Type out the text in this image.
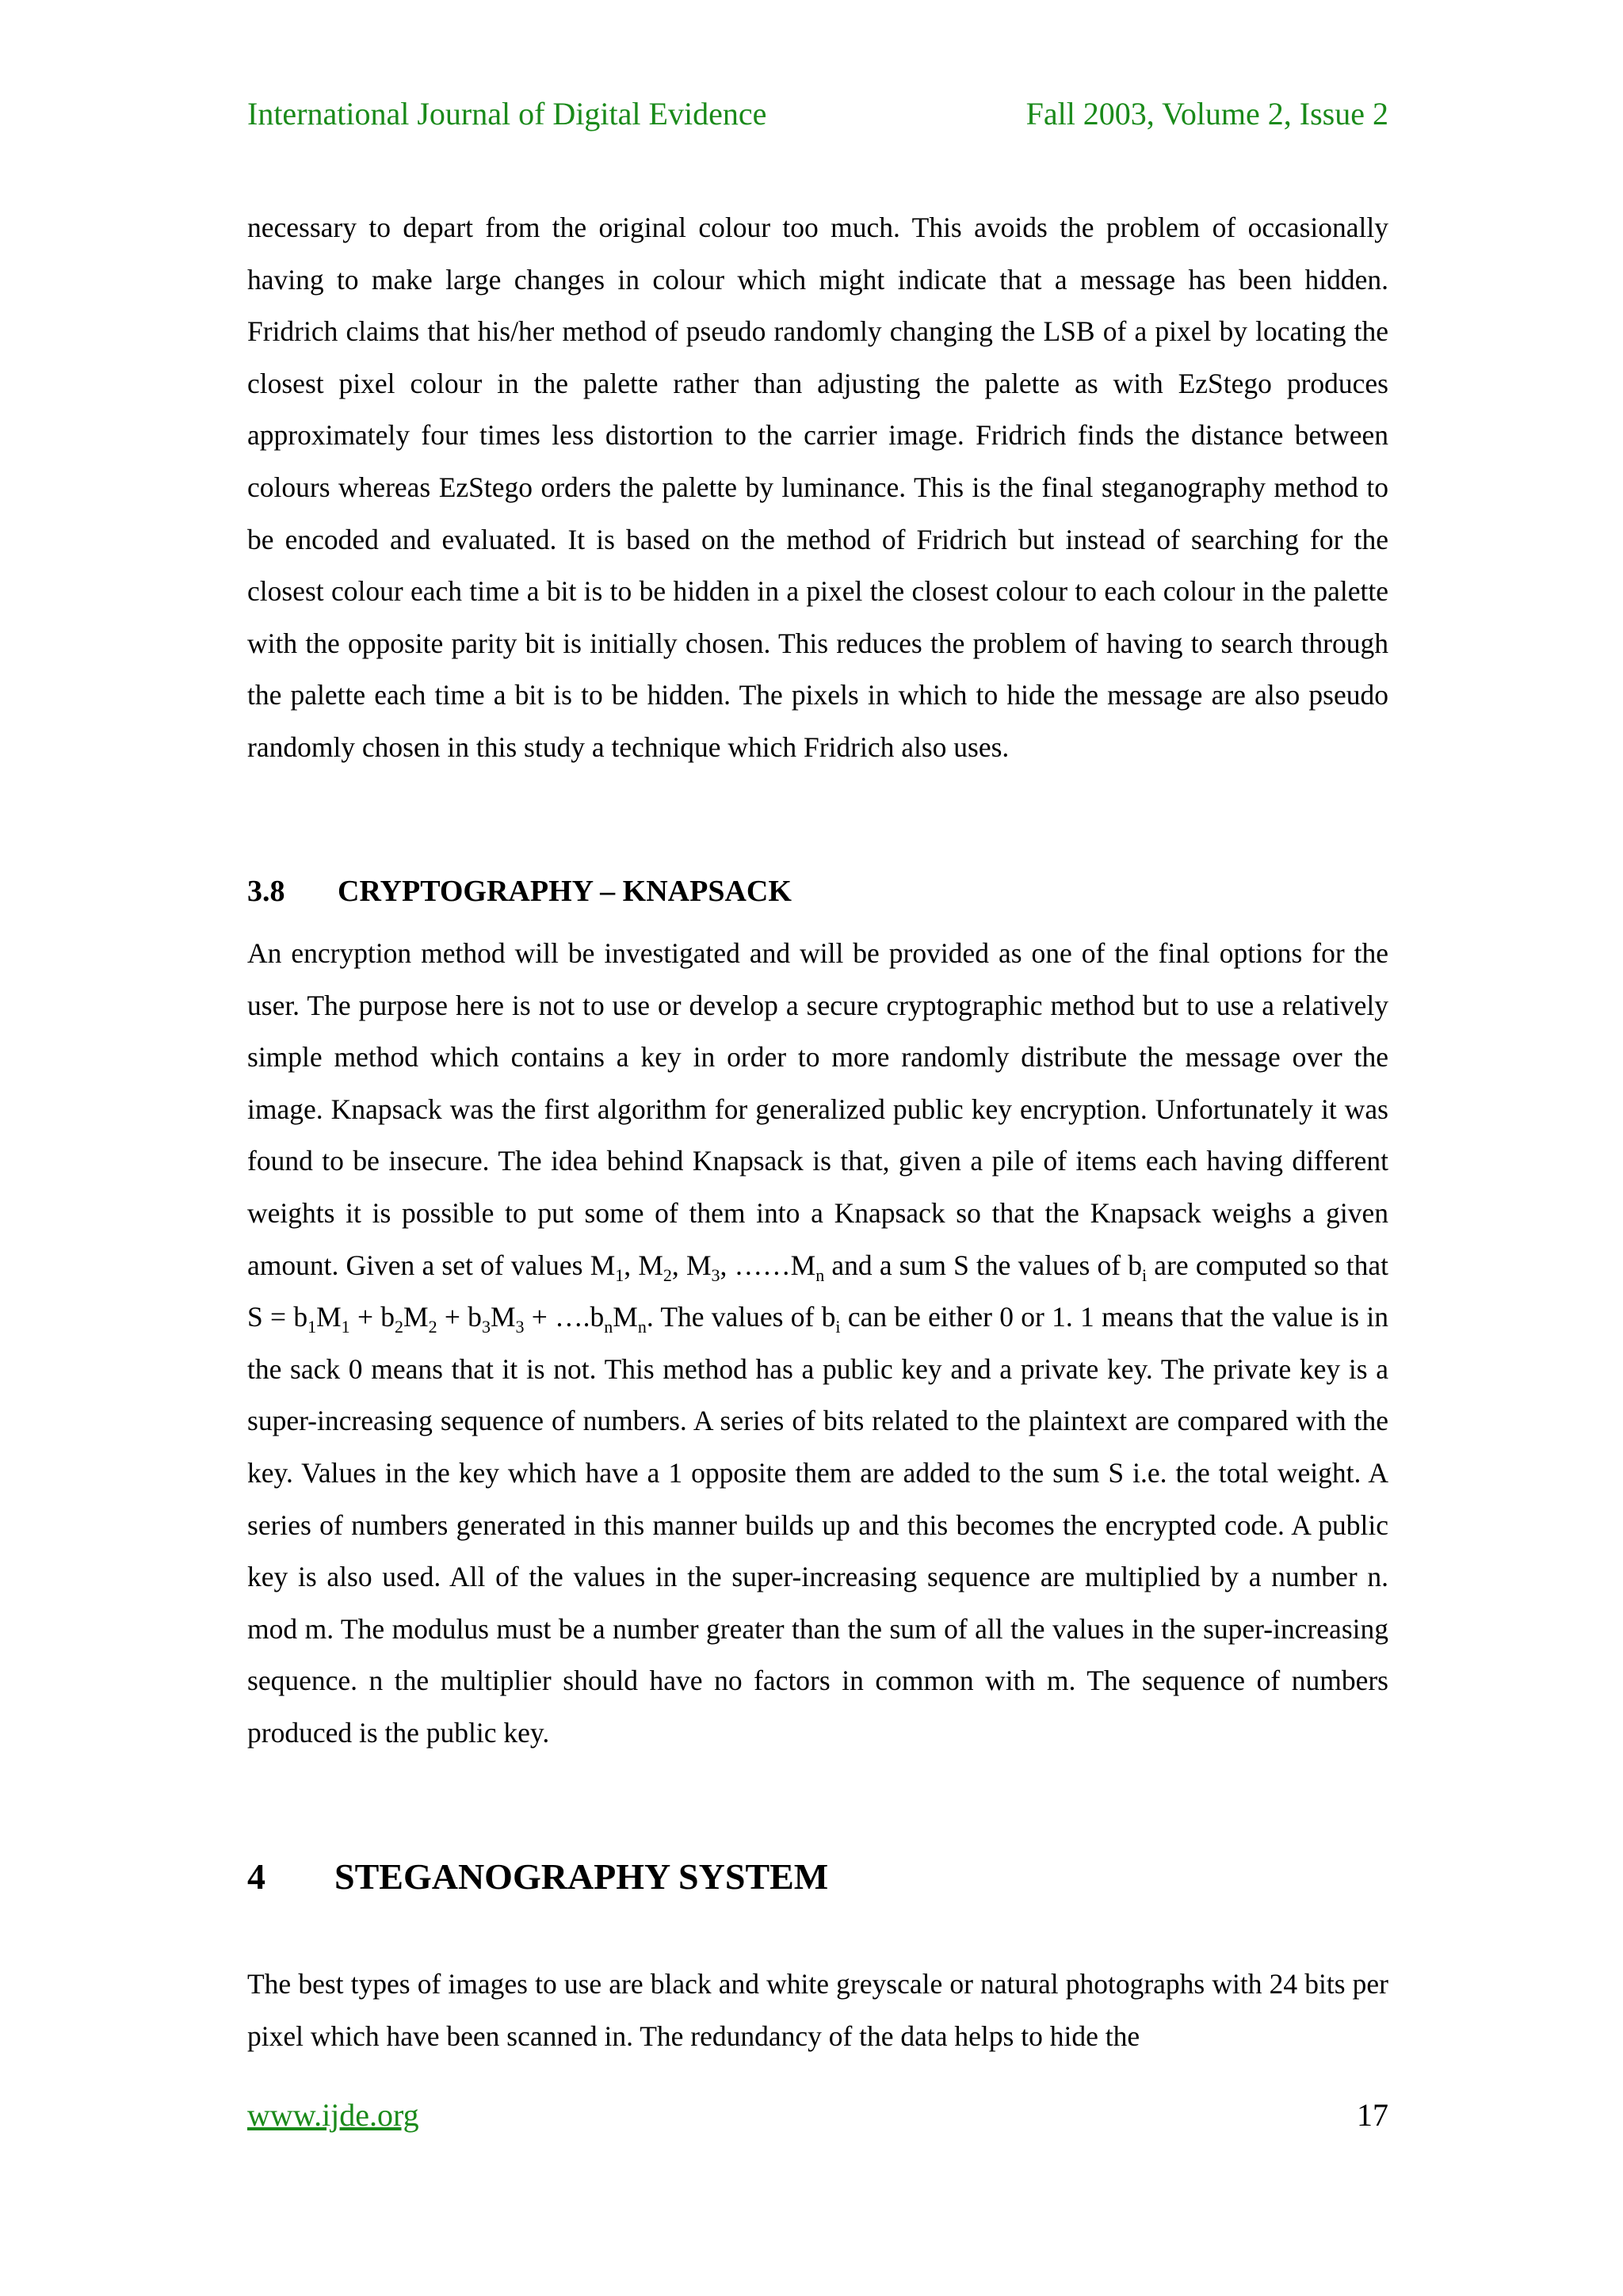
International Journal of Digital Evidence	Fall 2003, Volume 2, Issue 2

necessary to depart from the original colour too much. This avoids the problem of occasionally having to make large changes in colour which might indicate that a message has been hidden. Fridrich claims that his/her method of pseudo randomly changing the LSB of a pixel by locating the closest pixel colour in the palette rather than adjusting the palette as with EzStego produces approximately four times less distortion to the carrier image. Fridrich finds the distance between colours whereas EzStego orders the palette by luminance. This is the final steganography method to be encoded and evaluated. It is based on the method of Fridrich but instead of searching for the closest colour each time a bit is to be hidden in a pixel the closest colour to each colour in the palette with the opposite parity bit is initially chosen. This reduces the problem of having to search through the palette each time a bit is to be hidden. The pixels in which to hide the message are also pseudo randomly chosen in this study a technique which Fridrich also uses.

3.8 CRYPTOGRAPHY – KNAPSACK

An encryption method will be investigated and will be provided as one of the final options for the user. The purpose here is not to use or develop a secure cryptographic method but to use a relatively simple method which contains a key in order to more randomly distribute the message over the image. Knapsack was the first algorithm for generalized public key encryption. Unfortunately it was found to be insecure. The idea behind Knapsack is that, given a pile of items each having different weights it is possible to put some of them into a Knapsack so that the Knapsack weighs a given amount. Given a set of values $M_1$, $M_2$, $M_3$, $\dots\dots M_n$ and a sum S the values of $b_i$ are computed so that $S = b_1M_1 + b_2M_2 + b_3M_3$ + $\dots.b_nM_n$. The values of $b_i$ can be either 0 or 1. 1 means that the value is in the sack 0 means that it is not. This method has a public key and a private key. The private key is a super-increasing sequence of numbers. A series of bits related to the plaintext are compared with the key. Values in the key which have a 1 opposite them are added to the sum S i.e. the total weight. A series of numbers generated in this manner builds up and this becomes the encrypted code. A public key is also used. All of the values in the super-increasing sequence are multiplied by a number n. mod m. The modulus must be a number greater than the sum of all the values in the super-increasing sequence. n the multiplier should have no factors in common with m. The sequence of numbers produced is the public key.

4 STEGANOGRAPHY SYSTEM

The best types of images to use are black and white greyscale or natural photographs with 24 bits per pixel which have been scanned in. The redundancy of the data helps to hide the

www.ijde.org	17
